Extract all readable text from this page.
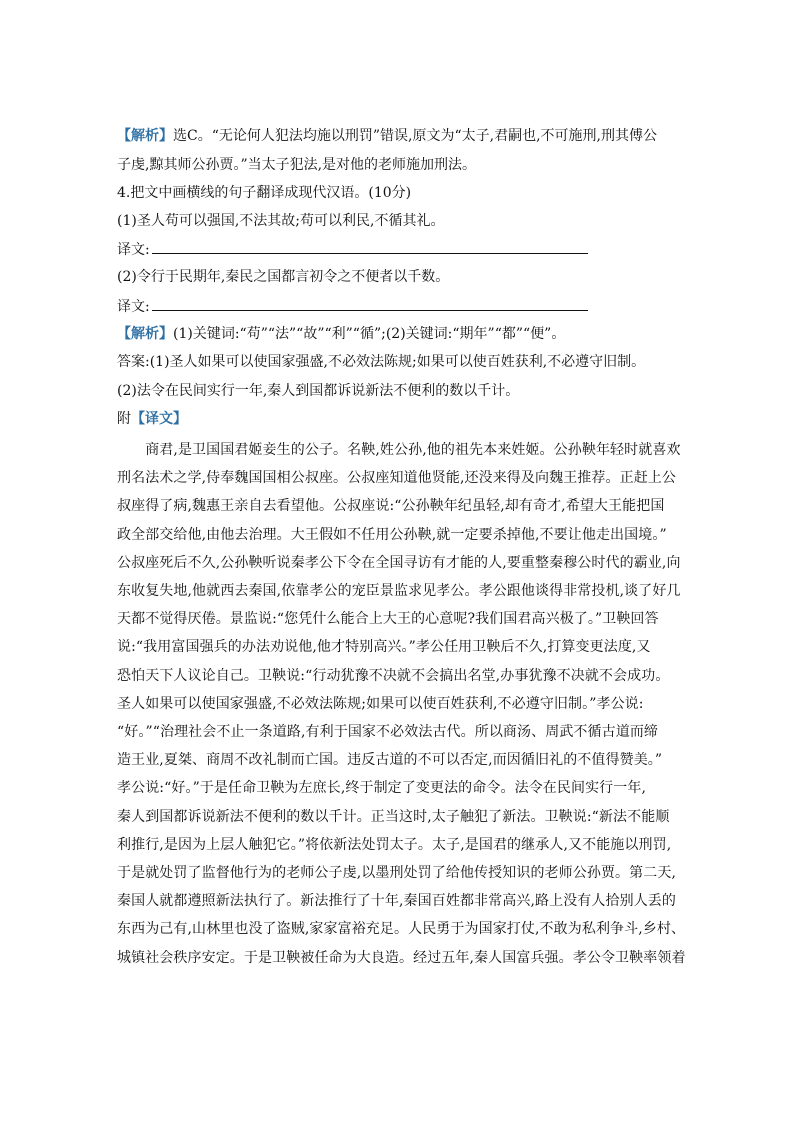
【解析】选C。“无论何人犯法均施以刑罚”错误,原文为“太子,君嗣也,不可施刑,刑其傅公
子虔,黥其师公孙贾。”当太子犯法,是对他的老师施加刑法。
4.把文中画横线的句子翻译成现代汉语。(10分)
(1)圣人苟可以强国,不法其故;苟可以利民,不循其礼。
译文:
(2)令行于民期年,秦民之国都言初令之不便者以千数。
译文:
【解析】(1)关键词:“苟”“法”“故”“利”“循”;(2)关键词:“期年”“都”“便”。
答案:(1)圣人如果可以使国家强盛,不必效法陈规;如果可以使百姓获利,不必遵守旧制。
(2)法令在民间实行一年,秦人到国都诉说新法不便利的数以千计。
附【译文】
　　商君,是卫国国君姬妾生的公子。名鞅,姓公孙,他的祖先本来姓姬。公孙鞅年轻时就喜欢
刑名法术之学,侍奉魏国国相公叔座。公叔座知道他贤能,还没来得及向魏王推荐。正赶上公
叔座得了病,魏惠王亲自去看望他。公叔座说:“公孙鞅年纪虽轻,却有奇才,希望大王能把国
政全部交给他,由他去治理。大王假如不任用公孙鞅,就一定要杀掉他,不要让他走出国境。”
公叔座死后不久,公孙鞅听说秦孝公下令在全国寻访有才能的人,要重整秦穆公时代的霸业,向
东收复失地,他就西去秦国,依靠孝公的宠臣景监求见孝公。孝公跟他谈得非常投机,谈了好几
天都不觉得厌倦。景监说:“您凭什么能合上大王的心意呢?我们国君高兴极了。”卫鞅回答
说:“我用富国强兵的办法劝说他,他才特别高兴。”孝公任用卫鞅后不久,打算变更法度,又
恐怕天下人议论自己。卫鞅说:“行动犹豫不决就不会搞出名堂,办事犹豫不决就不会成功。
圣人如果可以使国家强盛,不必效法陈规;如果可以使百姓获利,不必遵守旧制。”孝公说:
“好。”“治理社会不止一条道路,有利于国家不必效法古代。所以商汤、周武不循古道而缔
造王业,夏桀、商周不改礼制而亡国。违反古道的不可以否定,而因循旧礼的不值得赞美。”
孝公说:“好。”于是任命卫鞅为左庶长,终于制定了变更法的命令。法令在民间实行一年,
秦人到国都诉说新法不便利的数以千计。正当这时,太子触犯了新法。卫鞅说:“新法不能顺
利推行,是因为上层人触犯它。”将依新法处罚太子。太子,是国君的继承人,又不能施以刑罚,
于是就处罚了监督他行为的老师公子虔,以墨刑处罚了给他传授知识的老师公孙贾。第二天,
秦国人就都遵照新法执行了。新法推行了十年,秦国百姓都非常高兴,路上没有人拾别人丢的
东西为己有,山林里也没了盗贼,家家富裕充足。人民勇于为国家打仗,不敢为私利争斗,乡村、
城镇社会秩序安定。于是卫鞅被任命为大良造。经过五年,秦人国富兵强。孝公令卫鞅率领着
